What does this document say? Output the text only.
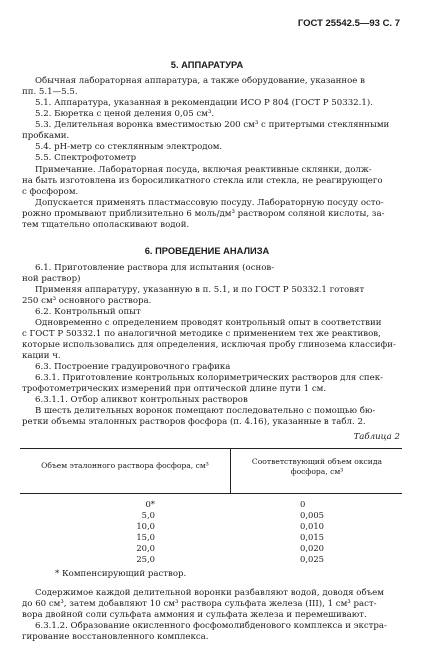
ГОСТ 25542.5—93 С. 7
5. АППАРАТУРА
Обычная лабораторная аппаратура, а также оборудование, указанное в
пп. 5.1—5.5.
5.1. Аппаратура, указанная в рекомендации ИСО Р 804 (ГОСТ Р 50332.1).
5.2. Бюретка с ценой деления 0,05 см³.
5.3. Делительная воронка вместимостью 200 см³ с притертыми стеклянными
пробками.
5.4. рН-метр со стеклянным электродом.
5.5. Спектрофотометр
Примечание. Лабораторная посуда, включая реактивные склянки, долж-
на быть изготовлена из боросиликатного стекла или стекла, не реагирующего
с фосфором.
Допускается применять пластмассовую посуду. Лабораторную посуду осто-
рожно промывают приблизительно 6 моль/дм³ раствором соляной кислоты, за-
тем тщательно ополаскивают водой.
6. ПРОВЕДЕНИЕ АНАЛИЗА
6.1. Приготовление раствора для испытания (основ-
ной раствор)
Применяя аппаратуру, указанную в п. 5.1, и по ГОСТ Р 50332.1 готовят
250 см³ основного раствора.
6.2. Контрольный опыт
Одновременно с определением проводят контрольный опыт в соответствии
с ГОСТ Р 50332.1 по аналогичной методике с применением тех же реактивов,
которые использовались для определения, исключая пробу глинозема классифи-
кации ч.
6.3. Построение градуировочного графика
6.3.1. Приготовление контрольных колориметрических растворов для спек-
трофотометрических измерений при оптической длине пути 1 см.
6.3.1.1. Отбор аликвот контрольных растворов
В шесть делительных воронок помещают последовательно с помощью бю-
ретки объемы эталонных растворов фосфора (п. 4.16), указанные в табл. 2.
Таблица 2
Объем эталонного раствора фосфора, см³	Соответствующий объем оксида
фосфора, см³
0*	0
5,0	0,005
10,0	0,010
15,0	0,015
20,0	0,020
25,0	0,025
* Компенсирующий раствор.
Содержимое каждой делительной воронки разбавляют водой, доводя объем
до 60 см³, затем добавляют 10 см³ раствора сульфата железа (III), 1 см³ раст-
вора двойной соли сульфата аммония и сульфата железа и перемешивают.
6.3.1.2. Образование окисленного фосфомолибденового комплекса и экстра-
гирование восстановленного комплекса.
